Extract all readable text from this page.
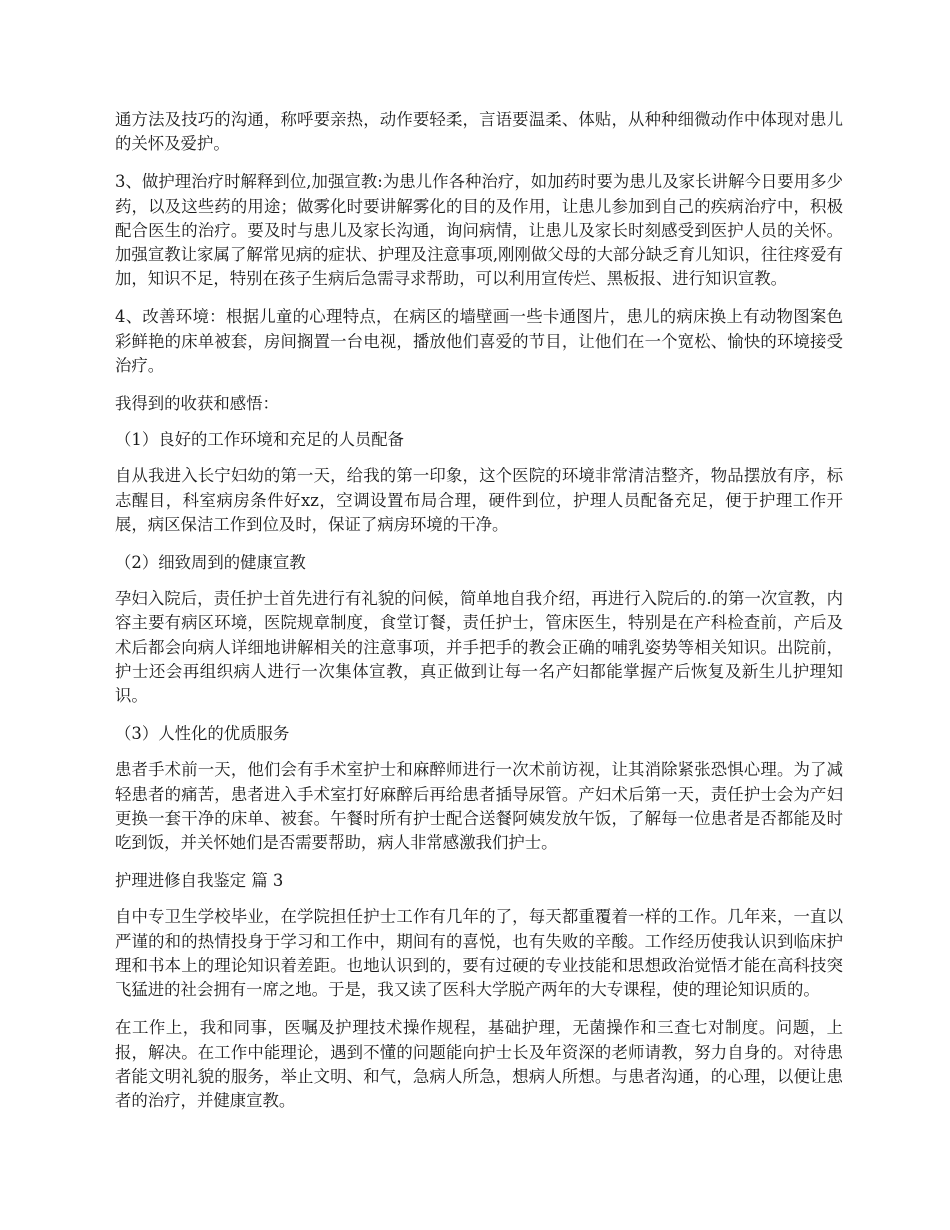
通方法及技巧的沟通，称呼要亲热，动作要轻柔，言语要温柔、体贴，从种种细微动作中体现对患儿的关怀及爱护。

3、做护理治疗时解释到位,加强宣教:为患儿作各种治疗，如加药时要为患儿及家长讲解今日要用多少药，以及这些药的用途；做雾化时要讲解雾化的目的及作用，让患儿参加到自己的疾病治疗中，积极配合医生的治疗。要及时与患儿及家长沟通，询问病情，让患儿及家长时刻感受到医护人员的关怀。加强宣教让家属了解常见病的症状、护理及注意事项,刚刚做父母的大部分缺乏育儿知识，往往疼爱有加，知识不足，特别在孩子生病后急需寻求帮助，可以利用宣传烂、黑板报、进行知识宣教。

4、改善环境：根据儿童的心理特点，在病区的墙壁画一些卡通图片，患儿的病床换上有动物图案色彩鲜艳的床单被套，房间搁置一台电视，播放他们喜爱的节目，让他们在一个宽松、愉快的环境接受治疗。

我得到的收获和感悟：

（1）良好的工作环境和充足的人员配备

自从我进入长宁妇幼的第一天，给我的第一印象，这个医院的环境非常清洁整齐，物品摆放有序，标志醒目，科室病房条件好xz，空调设置布局合理，硬件到位，护理人员配备充足，便于护理工作开展，病区保洁工作到位及时，保证了病房环境的干净。

（2）细致周到的健康宣教

孕妇入院后，责任护士首先进行有礼貌的问候，简单地自我介绍，再进行入院后的.的第一次宣教，内容主要有病区环境，医院规章制度，食堂订餐，责任护士，管床医生，特别是在产科检查前，产后及术后都会向病人详细地讲解相关的注意事项，并手把手的教会正确的哺乳姿势等相关知识。出院前，护士还会再组织病人进行一次集体宣教，真正做到让每一名产妇都能掌握产后恢复及新生儿护理知识。

（3）人性化的优质服务

患者手术前一天，他们会有手术室护士和麻醉师进行一次术前访视，让其消除紧张恐惧心理。为了减轻患者的痛苦，患者进入手术室打好麻醉后再给患者插导尿管。产妇术后第一天，责任护士会为产妇更换一套干净的床单、被套。午餐时所有护士配合送餐阿姨发放午饭，了解每一位患者是否都能及时吃到饭，并关怀她们是否需要帮助，病人非常感激我们护士。

护理进修自我鉴定 篇 3

自中专卫生学校毕业，在学院担任护士工作有几年的了，每天都重覆着一样的工作。几年来，一直以严谨的和的热情投身于学习和工作中，期间有的喜悦，也有失败的辛酸。工作经历使我认识到临床护理和书本上的理论知识着差距。也地认识到的，要有过硬的专业技能和思想政治觉悟才能在高科技突飞猛进的社会拥有一席之地。于是，我又读了医科大学脱产两年的大专课程，使的理论知识质的。

在工作上，我和同事，医嘱及护理技术操作规程，基础护理，无菌操作和三查七对制度。问题，上报，解决。在工作中能理论，遇到不懂的问题能向护士长及年资深的老师请教，努力自身的。对待患者能文明礼貌的服务，举止文明、和气，急病人所急，想病人所想。与患者沟通，的心理，以便让患者的治疗，并健康宣教。
